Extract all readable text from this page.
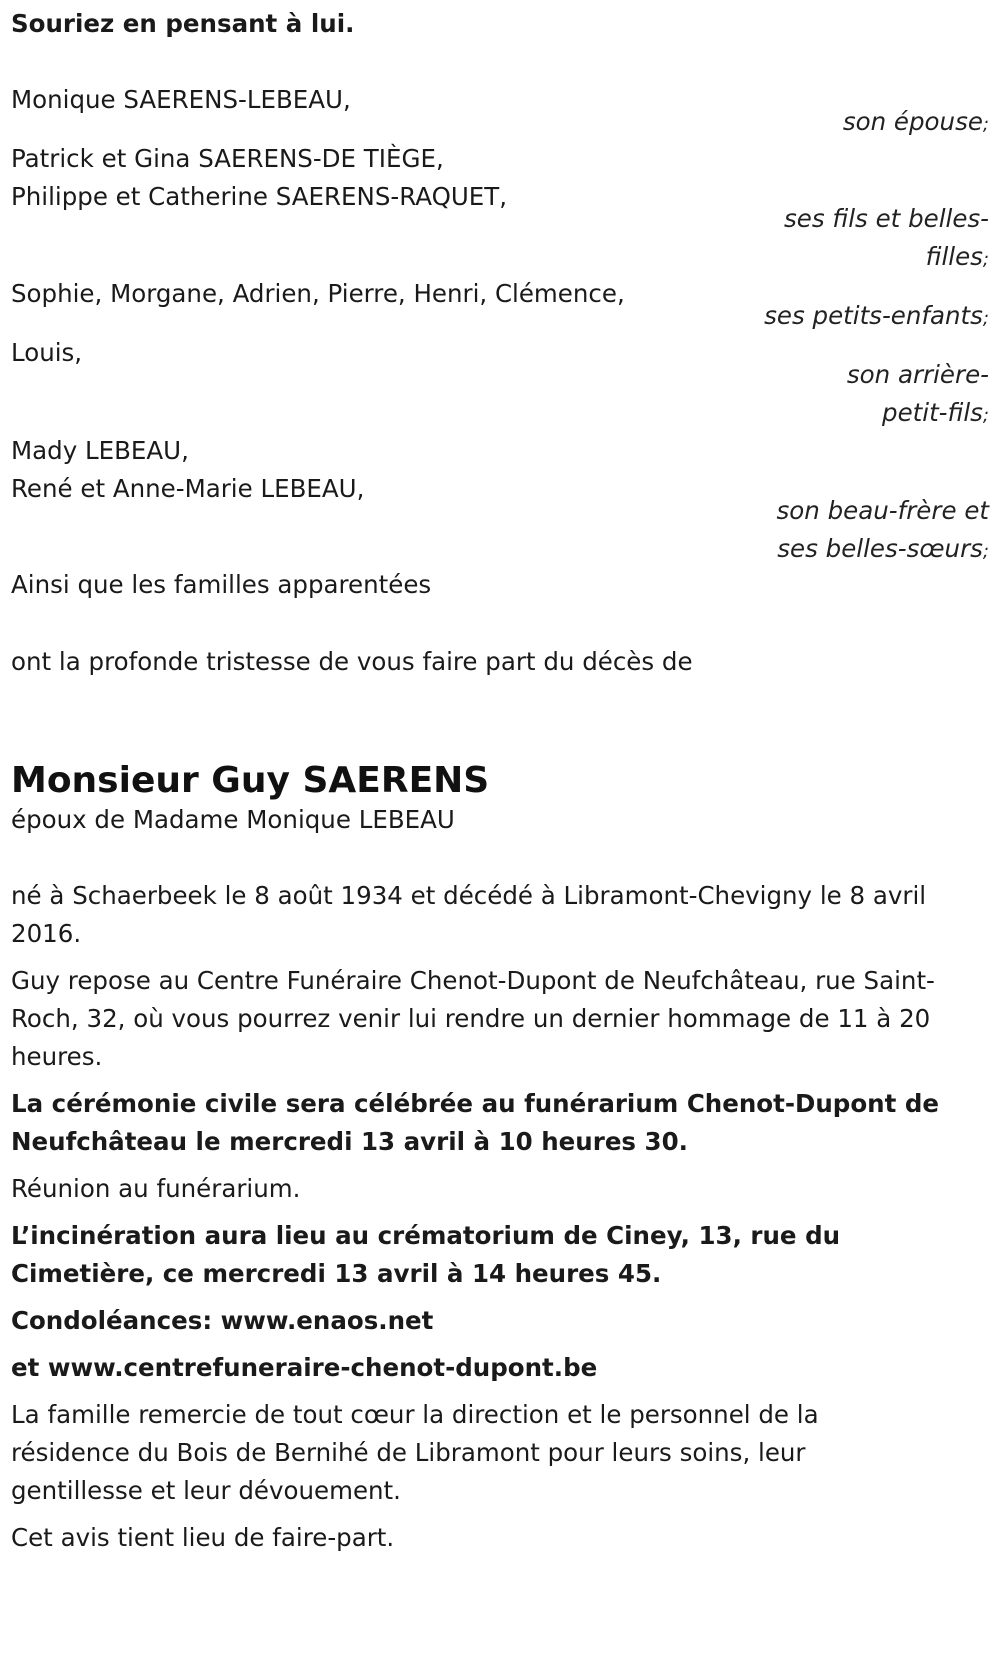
Souriez en pensant à lui.
Monique SAERENS-LEBEAU,
son épouse;
Patrick et Gina SAERENS-DE TIÈGE,
Philippe et Catherine SAERENS-RAQUET,
ses fils et belles-
filles;
Sophie, Morgane, Adrien, Pierre, Henri, Clémence,
ses petits-enfants;
Louis,
son arrière-
petit-fils;
Mady LEBEAU,
René et Anne-Marie LEBEAU,
son beau-frère et
ses belles-sœurs;
Ainsi que les familles apparentées
ont la profonde tristesse de vous faire part du décès de
Monsieur Guy SAERENS
époux de Madame Monique LEBEAU

né à Schaerbeek le 8 août 1934 et décédé à Libramont-Chevigny le 8 avril 2016.

Guy repose au Centre Funéraire Chenot-Dupont de Neufchâteau, rue Saint-Roch, 32, où vous pourrez venir lui rendre un dernier hommage de 11 à 20 heures.

La cérémonie civile sera célébrée au funérarium Chenot-Dupont de Neufchâteau le mercredi 13 avril à 10 heures 30.

Réunion au funérarium.

L’incinération aura lieu au crématorium de Ciney, 13, rue du Cimetière, ce mercredi 13 avril à 14 heures 45.

Condoléances: www.enaos.net

et www.centrefuneraire-chenot-dupont.be

La famille remercie de tout cœur la direction et le personnel de la résidence du Bois de Bernihé de Libramont pour leurs soins, leur gentillesse et leur dévouement.

Cet avis tient lieu de faire-part.
